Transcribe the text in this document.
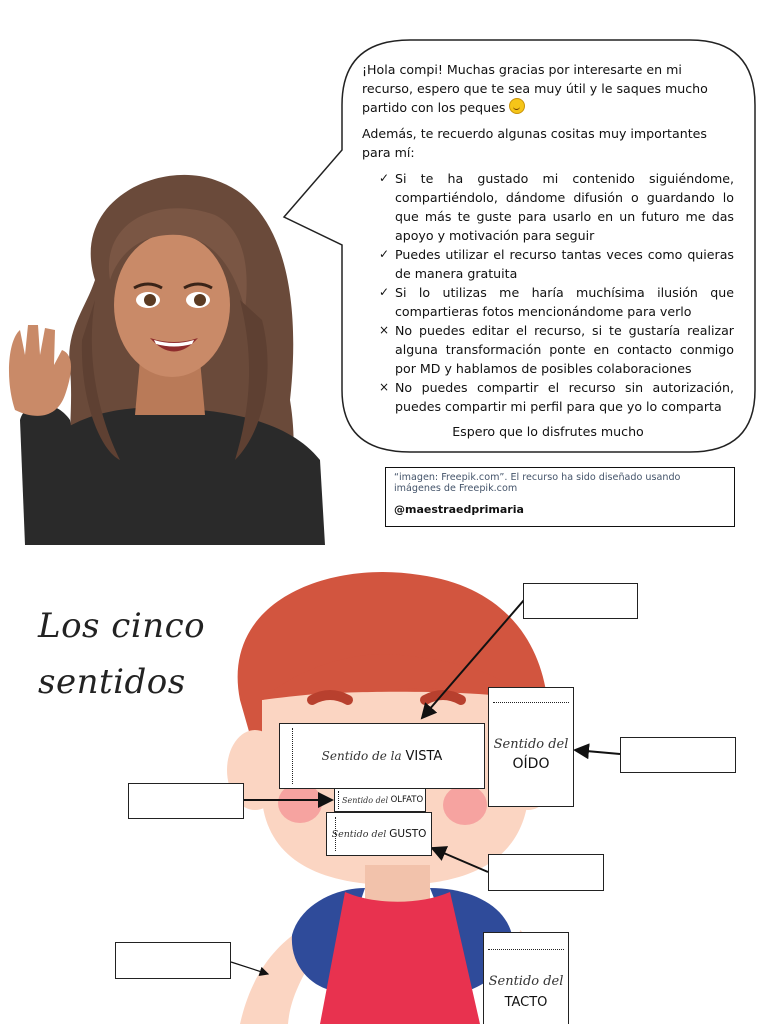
¡Hola compi! Muchas gracias por interesarte en mi recurso, espero que te sea muy útil y le saques mucho partido con los peques

Además, te recuerdo algunas cositas muy importantes para mí:

✓ Si te ha gustado mi contenido siguiéndome, compartiéndolo, dándome difusión o guardando lo que más te guste para usarlo en un futuro me das apoyo y motivación para seguir
✓ Puedes utilizar el recurso tantas veces como quieras de manera gratuita
✓ Si lo utilizas me haría muchísima ilusión que compartieras fotos mencionándome para verlo
× No puedes editar el recurso, si te gustaría realizar alguna transformación ponte en contacto conmigo por MD y hablamos de posibles colaboraciones
× No puedes compartir el recurso sin autorización, puedes compartir mi perfil para que yo lo comparta

Espero que lo disfrutes mucho

“imagen: Freepik.com”. El recurso ha sido diseñado usando imágenes de Freepik.com
@maestraedprimaria
Los cinco
sentidos
Sentido de la
VISTA
Sentido del
OÍDO
Sentido del
OLFATO
Sentido del
GUSTO
Sentido del
TACTO
